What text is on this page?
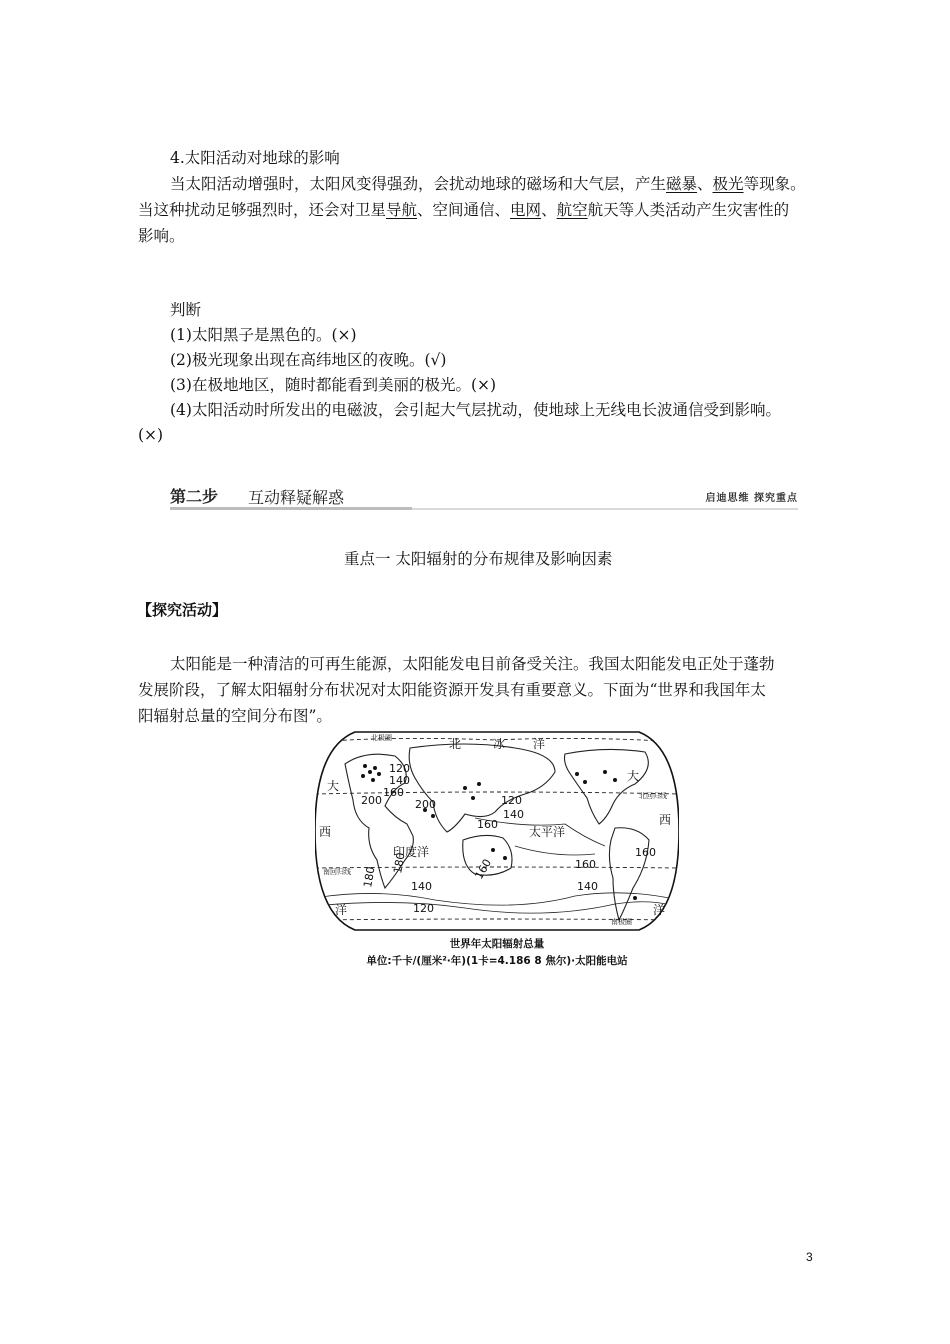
4.太阳活动对地球的影响
当太阳活动增强时，太阳风变得强劲，会扰动地球的磁场和大气层，产生磁暴、极光等现象。
当这种扰动足够强烈时，还会对卫星导航、空间通信、电网、航空航天等人类活动产生灾害性的
影响。
判断
(1)太阳黑子是黑色的。(×)
(2)极光现象出现在高纬地区的夜晚。(√)
(3)在极地地区，随时都能看到美丽的极光。(×)
(4)太阳活动时所发出的电磁波，会引起大气层扰动，使地球上无线电长波通信受到影响。
(×)
第二步 互动释疑解惑	启迪思维 探究重点
重点一 太阳辐射的分布规律及影响因素
【探究活动】
太阳能是一种清洁的可再生能源，太阳能发电目前备受关注。我国太阳能发电正处于蓬勃
发展阶段，了解太阳辐射分布状况对太阳能资源开发具有重要意义。下面为“世界和我国年太
阳辐射总量的空间分布图”。
北	冰 洋
大
大
西
西
太平洋
印度洋
洋	洋
北极圈
北回归线
南回归线
南极圈
120
140
160
200	200	120
140
160
160
180
180	160
160
140
120
140
世界年太阳辐射总量
单位:千卡/(厘米²·年)(1卡=4.186 8 焦尔)·太阳能电站
3
